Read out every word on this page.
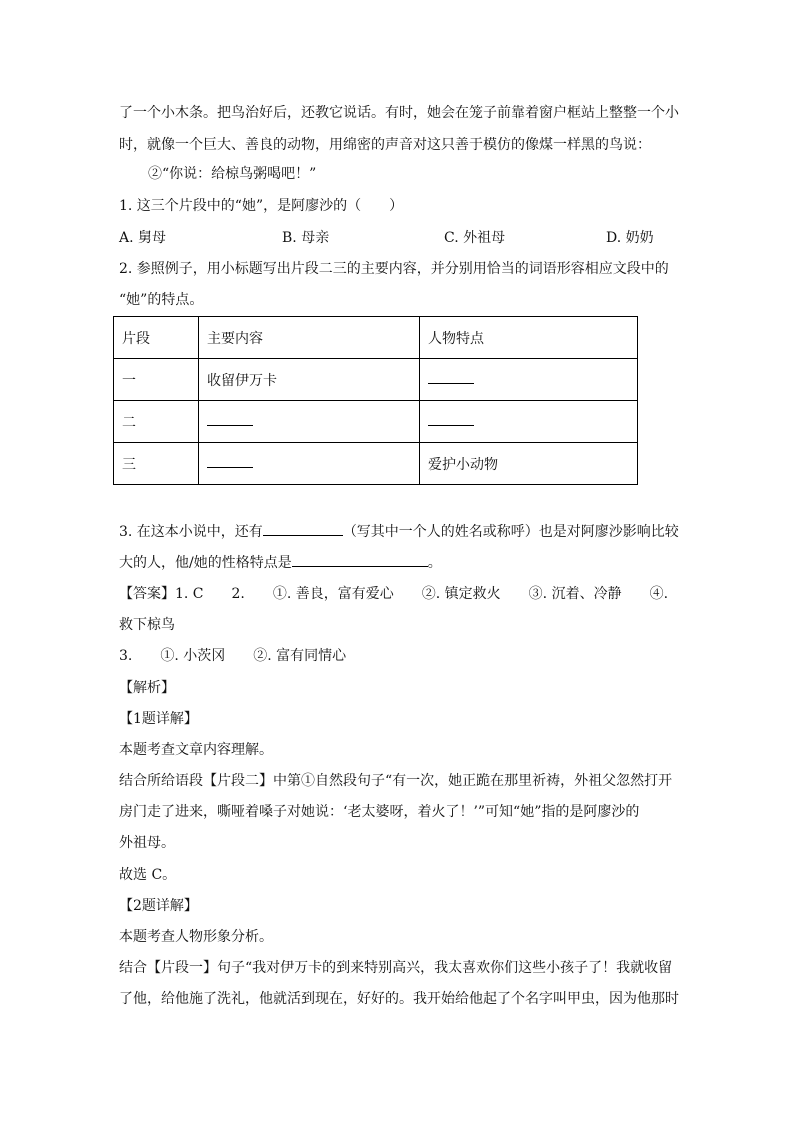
了一个小木条。把鸟治好后，还教它说话。有时，她会在笼子前靠着窗户框站上整整一个小
时，就像一个巨大、善良的动物，用绵密的声音对这只善于模仿的像煤一样黑的鸟说：
②“你说：给椋鸟粥喝吧！”
1. 这三个片段中的“她”，是阿廖沙的（　　）
A. 舅母	B. 母亲	C. 外祖母	D. 奶奶
2. 参照例子，用小标题写出片段二三的主要内容，并分别用恰当的词语形容相应文段中的
“她”的特点。
片段	主要内容	人物特点
一	收留伊万卡	
二		
三		爱护小动物
3. 在这本小说中，还有	（写其中一个人的姓名或称呼）也是对阿廖沙影响比较
大的人，他/她的性格特点是	。
【答案】1. C　　2.　　①. 善良，富有爱心　　②. 镇定救火　　③. 沉着、冷静　　④.
救下椋鸟
3.　　①. 小茨冈　　②. 富有同情心
【解析】
【1题详解】
本题考查文章内容理解。
结合所给语段【片段二】中第①自然段句子“有一次，她正跪在那里祈祷，外祖父忽然打开
房门走了进来，嘶哑着嗓子对她说：‘老太婆呀，着火了！’”可知“她”指的是阿廖沙的
外祖母。
故选 C。
【2题详解】
本题考查人物形象分析。
结合【片段一】句子“我对伊万卡的到来特别高兴，我太喜欢你们这些小孩子了！我就收留
了他，给他施了洗礼，他就活到现在，好好的。我开始给他起了个名字叫甲虫，因为他那时
